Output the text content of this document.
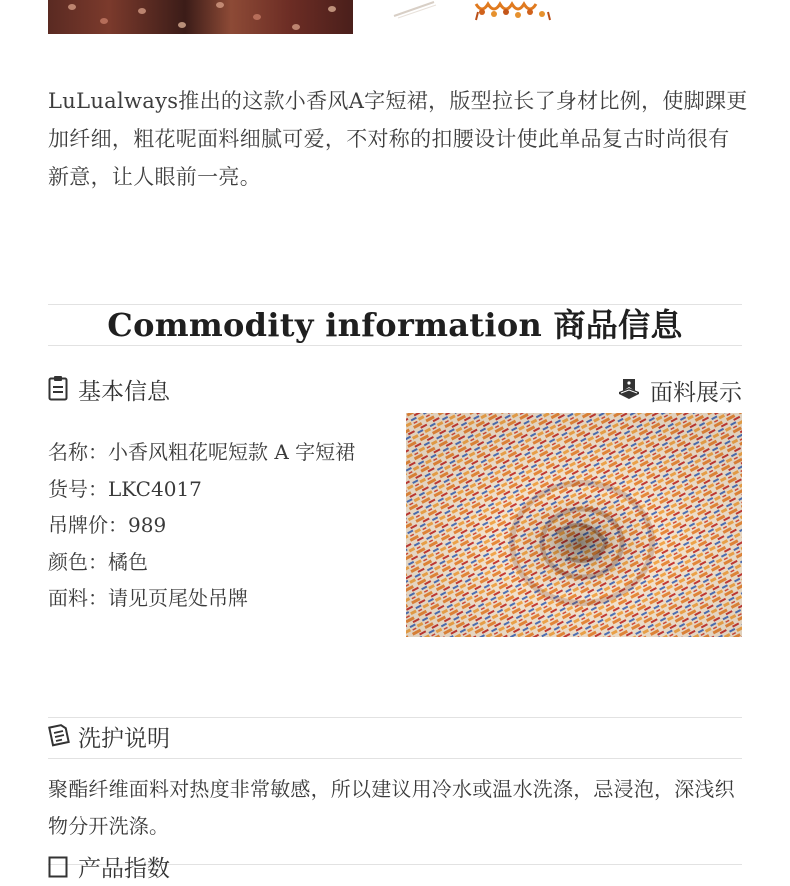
LuLualways推出的这款小香风A字短裙，版型拉长了身材比例，使脚踝更加纤细，粗花呢面料细腻可爱，不对称的扣腰设计使此单品复古时尚很有新意，让人眼前一亮。
Commodity information 商品信息
基本信息	面料展示
名称：小香风粗花呢短款 A 字短裙
货号：LKC4017
吊牌价：989
颜色：橘色
面料：请见页尾处吊牌
洗护说明
聚酯纤维面料对热度非常敏感，所以建议用冷水或温水洗涤，忌浸泡，深浅织物分开洗涤。
产品指数
